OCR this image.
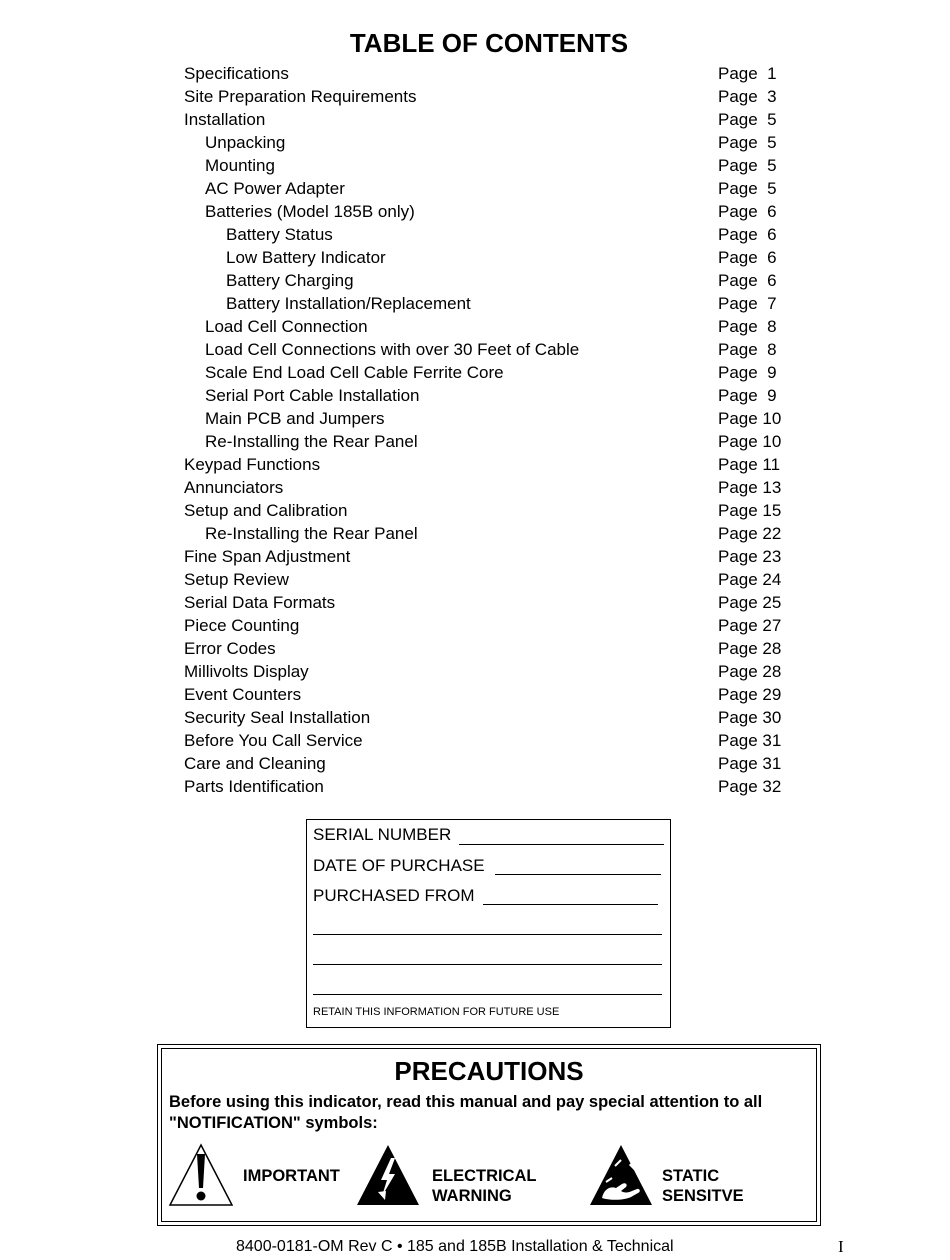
TABLE OF CONTENTS
Specifications	Page  1
Site Preparation Requirements	Page  3
Installation	Page  5
Unpacking	Page  5
Mounting	Page  5
AC Power Adapter	Page  5
Batteries (Model 185B only)	Page  6
Battery Status	Page  6
Low Battery Indicator	Page  6
Battery Charging	Page  6
Battery Installation/Replacement	Page  7
Load Cell Connection	Page  8
Load Cell Connections with over 30 Feet of Cable	Page  8
Scale End Load Cell Cable Ferrite Core	Page  9
Serial Port Cable Installation	Page  9
Main PCB and Jumpers	Page 10
Re-Installing the Rear Panel	Page 10
Keypad Functions	Page 11
Annunciators	Page 13
Setup and Calibration	Page 15
Re-Installing the Rear Panel	Page 22
Fine Span Adjustment	Page 23
Setup Review	Page 24
Serial Data Formats	Page 25
Piece Counting	Page 27
Error Codes	Page 28
Millivolts Display	Page 28
Event Counters	Page 29
Security Seal Installation	Page 30
Before You Call Service	Page 31
Care and Cleaning	Page 31
Parts Identification	Page 32
SERIAL NUMBER
DATE OF PURCHASE
PURCHASED FROM
RETAIN THIS INFORMATION FOR FUTURE USE
PRECAUTIONS
Before using this indicator, read this manual and pay special attention to all "NOTIFICATION" symbols:
IMPORTANT	ELECTRICAL
WARNING
STATIC
SENSITVE
8400-0181-OM Rev C • 185 and 185B Installation & Technical	I
